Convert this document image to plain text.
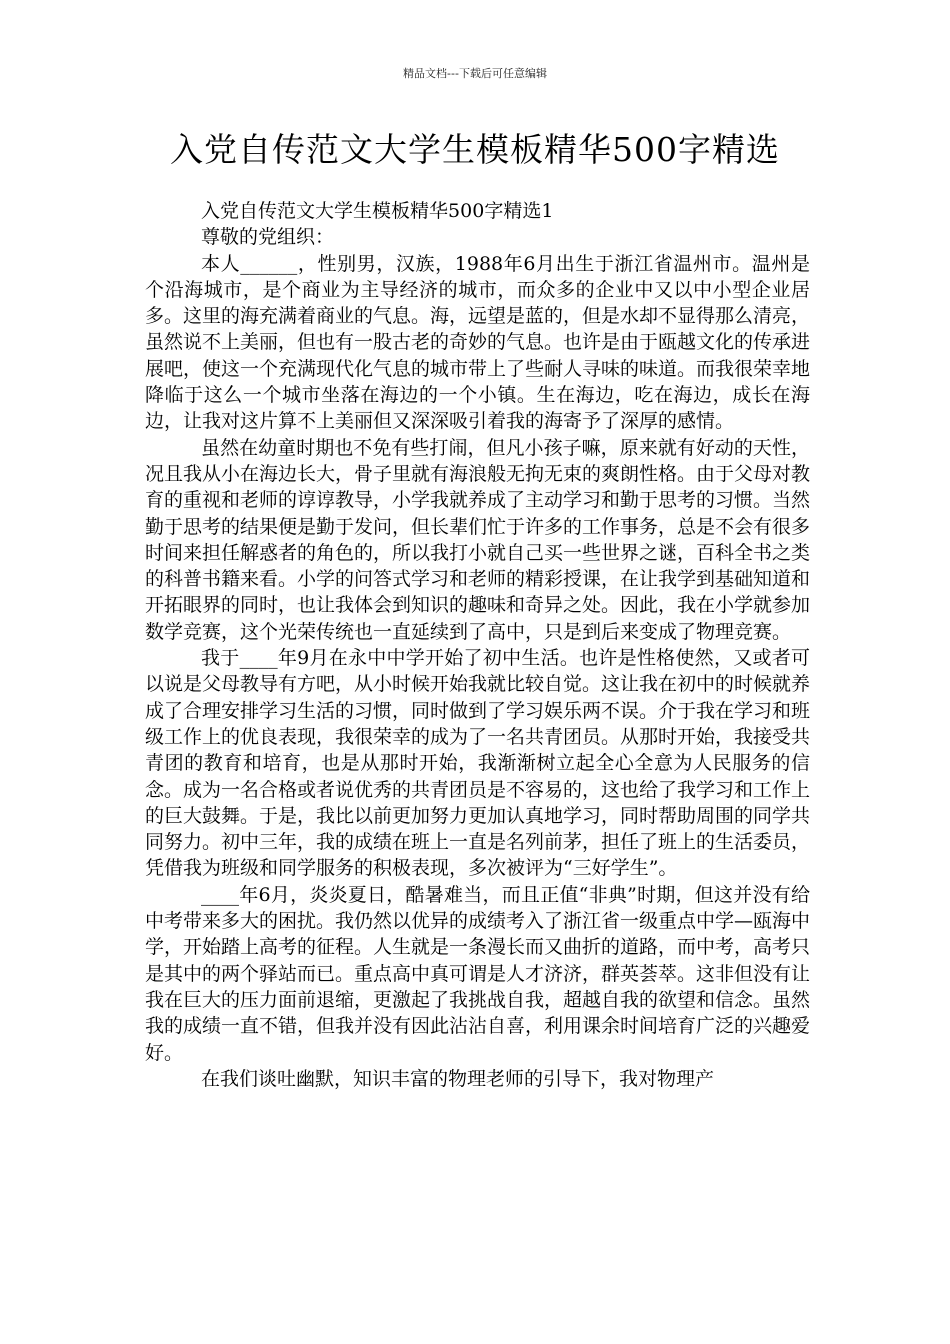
精品文档---下载后可任意编辑
入党自传范文大学生模板精华500字精选

入党自传范文大学生模板精华500字精选1

尊敬的党组织：

本人______，性别男，汉族，1988年6月出生于浙江省温州市。温州是个沿海城市，是个商业为主导经济的城市，而众多的企业中又以中小型企业居多。这里的海充满着商业的气息。海，远望是蓝的，但是水却不显得那么清亮，虽然说不上美丽，但也有一股古老的奇妙的气息。也许是由于瓯越文化的传承进展吧，使这一个充满现代化气息的城市带上了些耐人寻味的味道。而我很荣幸地降临于这么一个城市坐落在海边的一个小镇。生在海边，吃在海边，成长在海边，让我对这片算不上美丽但又深深吸引着我的海寄予了深厚的感情。

虽然在幼童时期也不免有些打闹，但凡小孩子嘛，原来就有好动的天性，况且我从小在海边长大，骨子里就有海浪般无拘无束的爽朗性格。由于父母对教育的重视和老师的谆谆教导，小学我就养成了主动学习和勤于思考的习惯。当然勤于思考的结果便是勤于发问，但长辈们忙于许多的工作事务，总是不会有很多时间来担任解惑者的角色的，所以我打小就自己买一些世界之谜，百科全书之类的科普书籍来看。小学的问答式学习和老师的精彩授课，在让我学到基础知道和开拓眼界的同时，也让我体会到知识的趣味和奇异之处。因此，我在小学就参加数学竞赛，这个光荣传统也一直延续到了高中，只是到后来变成了物理竞赛。

我于____年9月在永中中学开始了初中生活。也许是性格使然，又或者可以说是父母教导有方吧，从小时候开始我就比较自觉。这让我在初中的时候就养成了合理安排学习生活的习惯，同时做到了学习娱乐两不误。介于我在学习和班级工作上的优良表现，我很荣幸的成为了一名共青团员。从那时开始，我接受共青团的教育和培育，也是从那时开始，我渐渐树立起全心全意为人民服务的信念。成为一名合格或者说优秀的共青团员是不容易的，这也给了我学习和工作上的巨大鼓舞。于是，我比以前更加努力更加认真地学习，同时帮助周围的同学共同努力。初中三年，我的成绩在班上一直是名列前茅，担任了班上的生活委员，凭借我为班级和同学服务的积极表现，多次被评为“三好学生”。

____年6月，炎炎夏日，酷暑难当，而且正值“非典”时期，但这并没有给中考带来多大的困扰。我仍然以优异的成绩考入了浙江省一级重点中学—瓯海中学，开始踏上高考的征程。人生就是一条漫长而又曲折的道路，而中考，高考只是其中的两个驿站而已。重点高中真可谓是人才济济，群英荟萃。这非但没有让我在巨大的压力面前退缩，更激起了我挑战自我，超越自我的欲望和信念。虽然我的成绩一直不错，但我并没有因此沾沾自喜，利用课余时间培育广泛的兴趣爱好。

在我们谈吐幽默，知识丰富的物理老师的引导下，我对物理产
